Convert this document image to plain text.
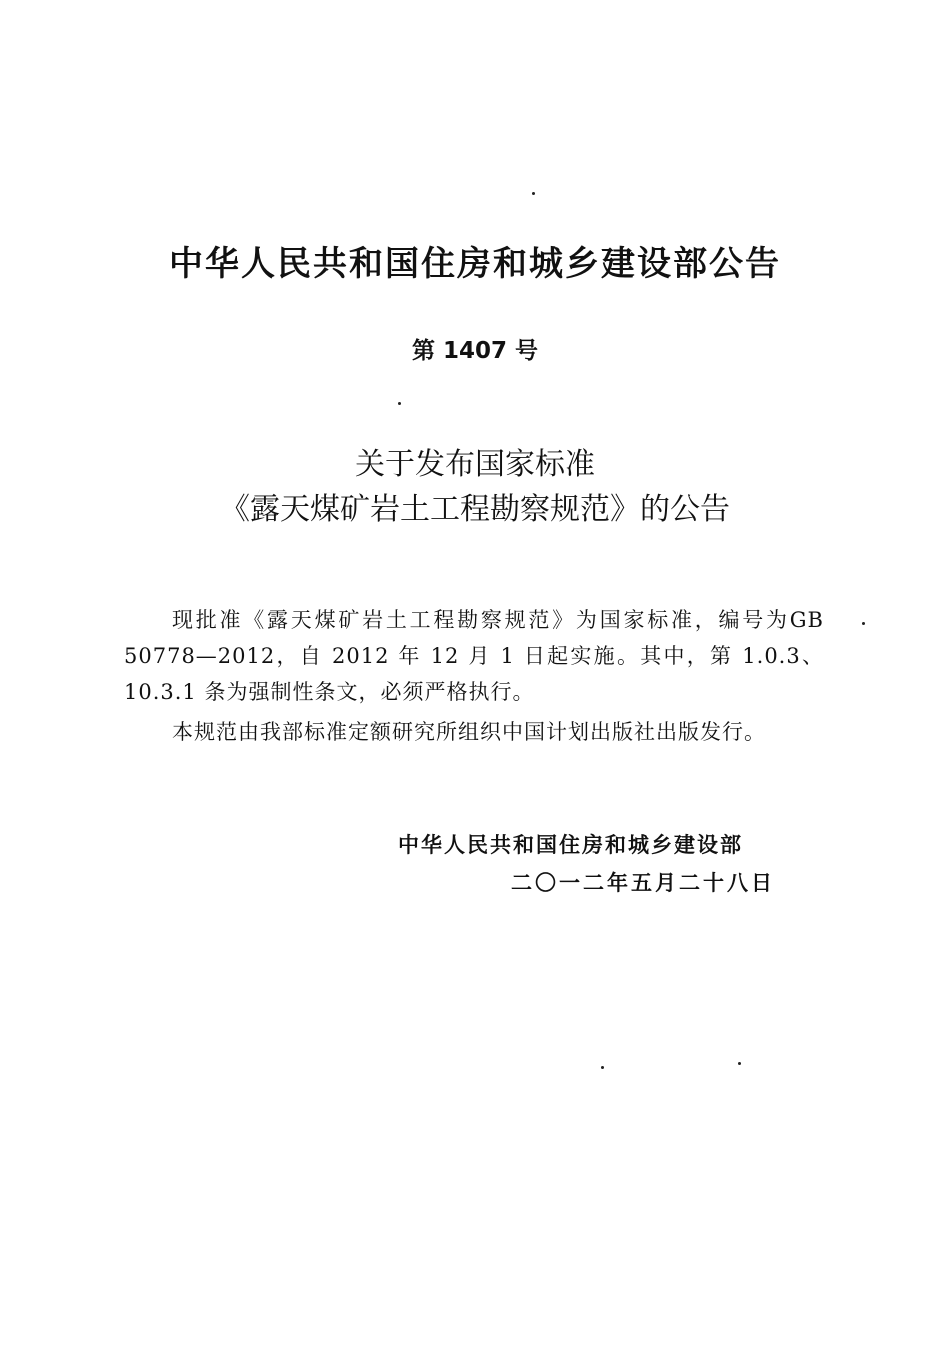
中华人民共和国住房和城乡建设部公告
第 1407 号
关于发布国家标准
《露天煤矿岩土工程勘察规范》的公告

现批准《露天煤矿岩土工程勘察规范》为国家标准，编号为GB 50778—2012，自 2012 年 12 月 1 日起实施。其中，第 1.0.3、10.3.1 条为强制性条文，必须严格执行。

本规范由我部标准定额研究所组织中国计划出版社出版发行。

中华人民共和国住房和城乡建设部
二〇一二年五月二十八日
